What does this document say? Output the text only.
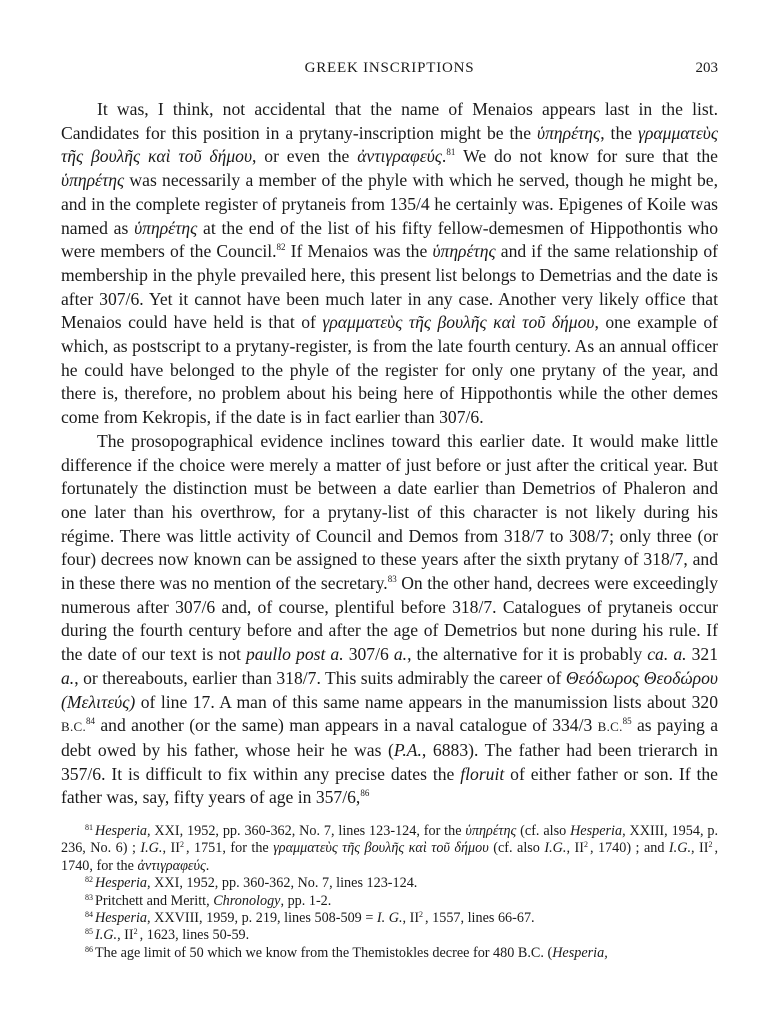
GREEK INSCRIPTIONS	203

It was, I think, not accidental that the name of Menaios appears last in the list. Candidates for this position in a prytany-inscription might be the ὑπηρέτης, the γραμματεὺς τῆς βουλῆς καὶ τοῦ δήμου, or even the ἀντιγραφεύς.$^{81}$ We do not know for sure that the ὑπηρέτης was necessarily a member of the phyle with which he served, though he might be, and in the complete register of prytaneis from 135/4 he certainly was. Epigenes of Koile was named as ὑπηρέτης at the end of the list of his fifty fellow-demesmen of Hippothontis who were members of the Council.$^{82}$ If Menaios was the ὑπηρέτης and if the same relationship of membership in the phyle prevailed here, this present list belongs to Demetrias and the date is after 307/6. Yet it cannot have been much later in any case. Another very likely office that Menaios could have held is that of γραμματεὺς τῆς βουλῆς καὶ τοῦ δήμου, one example of which, as postscript to a prytany-register, is from the late fourth century. As an annual officer he could have belonged to the phyle of the register for only one prytany of the year, and there is, therefore, no problem about his being here of Hippothontis while the other demes come from Kekropis, if the date is in fact earlier than 307/6.

The prosopographical evidence inclines toward this earlier date. It would make little difference if the choice were merely a matter of just before or just after the critical year. But fortunately the distinction must be between a date earlier than Demetrios of Phaleron and one later than his overthrow, for a prytany-list of this character is not likely during his régime. There was little activity of Council and Demos from 318/7 to 308/7; only three (or four) decrees now known can be assigned to these years after the sixth prytany of 318/7, and in these there was no mention of the secretary.$^{83}$ On the other hand, decrees were exceedingly numerous after 307/6 and, of course, plentiful before 318/7. Catalogues of prytaneis occur during the fourth century before and after the age of Demetrios but none during his rule. If the date of our text is not paullo post a. 307/6 a., the alternative for it is probably ca. a. 321 a., or thereabouts, earlier than 318/7. This suits admirably the career of Θεόδωρος Θεοδώρου (Μελιτεύς) of line 17. A man of this same name appears in the manumission lists about 320 B.C.$^{84}$ and another (or the same) man appears in a naval catalogue of 334/3 B.C.$^{85}$ as paying a debt owed by his father, whose heir he was (P.A., 6883). The father had been trierarch in 357/6. It is difficult to fix within any precise dates the floruit of either father or son. If the father was, say, fifty years of age in 357/6,86

$^{81}$ Hesperia, XXI, 1952, pp. 360-362, No. 7, lines 123-124, for the ὑπηρέτης (cf. also Hesperia, XXIII, 1954, p. 236, No. 6) ; I.G., II$^2$ , 1751, for the γραμματεὺς τῆς βουλῆς καὶ τοῦ δήμου (cf. also I.G., II$^2$ , 1740) ; and I.G., II$^2$ , 1740, for the ἀντιγραφεύς.

$^{82}$ Hesperia, XXI, 1952, pp. 360-362, No. 7, lines 123-124.

$^{83}$ Pritchett and Meritt, Chronology, pp. 1-2.

$^{84}$ Hesperia, XXVIII, 1959, p. 219, lines 508-509 = I. G., II$^2$ , 1557, lines 66-67.

$^{85}$ I.G., II$^2$ , 1623, lines 50-59.

$^{86}$ The age limit of 50 which we know from the Themistokles decree for 480 B.C. (Hesperia,
